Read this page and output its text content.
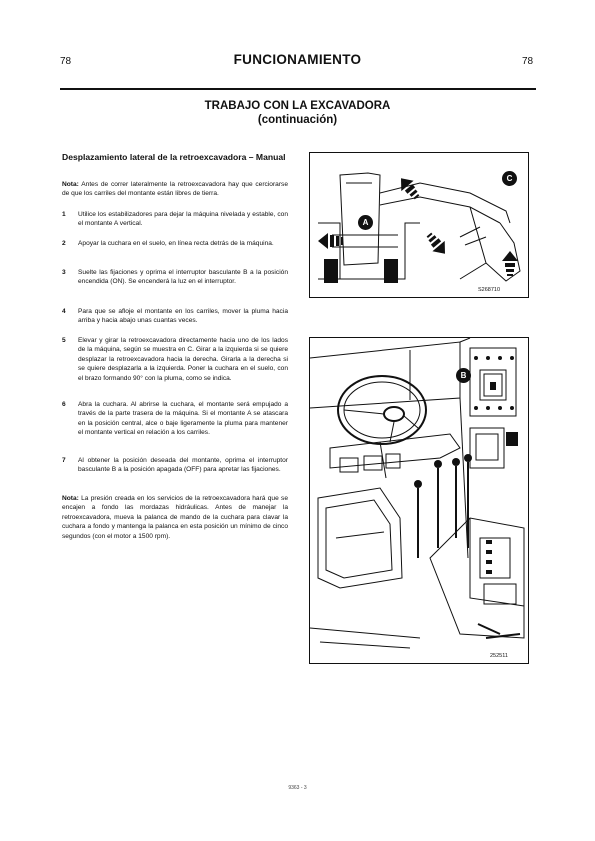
78	FUNCIONAMIENTO	78
TRABAJO CON LA EXCAVADORA
(continuación)
Desplazamiento lateral de la retroexcavadora – Manual
Nota: Antes de correr lateralmente la retroexcavadora hay que cerciorarse de que los carriles del montante están libres de tierra.
1 Utilice los estabilizadores para dejar la máquina nivelada y estable, con el montante A vertical.
2 Apoyar la cuchara en el suelo, en línea recta detrás de la máquina.
3 Suelte las fijaciones y oprima el interruptor basculante B a la posición encendida (ON). Se encenderá la luz en el interruptor.
4 Para que se afloje el montante en los carriles, mover la pluma hacia arriba y hacia abajo unas cuantas veces.
5 Elevar y girar la retroexcavadora directamente hacia uno de los lados de la máquina, según se muestra en C. Girar a la izquierda si se quiere desplazar la retroexcavadora hacia la derecha. Girarla a la derecha si se quiere desplazarla a la izquierda. Poner la cuchara en el suelo, con el brazo formando 90° con la pluma, como se indica.
6 Abra la cuchara. Al abrirse la cuchara, el montante será empujado a través de la parte trasera de la máquina. Si el montante A se atascara en la posición central, alce o baje ligeramente la pluma para mantener el montante vertical en relación a los carriles.
7 Al obtener la posición deseada del montante, oprima el interruptor basculante B a la posición apagada (OFF) para apretar las fijaciones.
Nota: La presión creada en los servicios de la retroexcavadora hará que se encajen a fondo las mordazas hidráulicas. Antes de manejar la retroexcavadora, mueva la palanca de mando de la cuchara para clavar la cuchara a fondo y mantenga la palanca en esta posición un mínimo de cinco segundos (con el motor a 1500 rpm).
A
C
S268710
B
252511
9363 - 3
